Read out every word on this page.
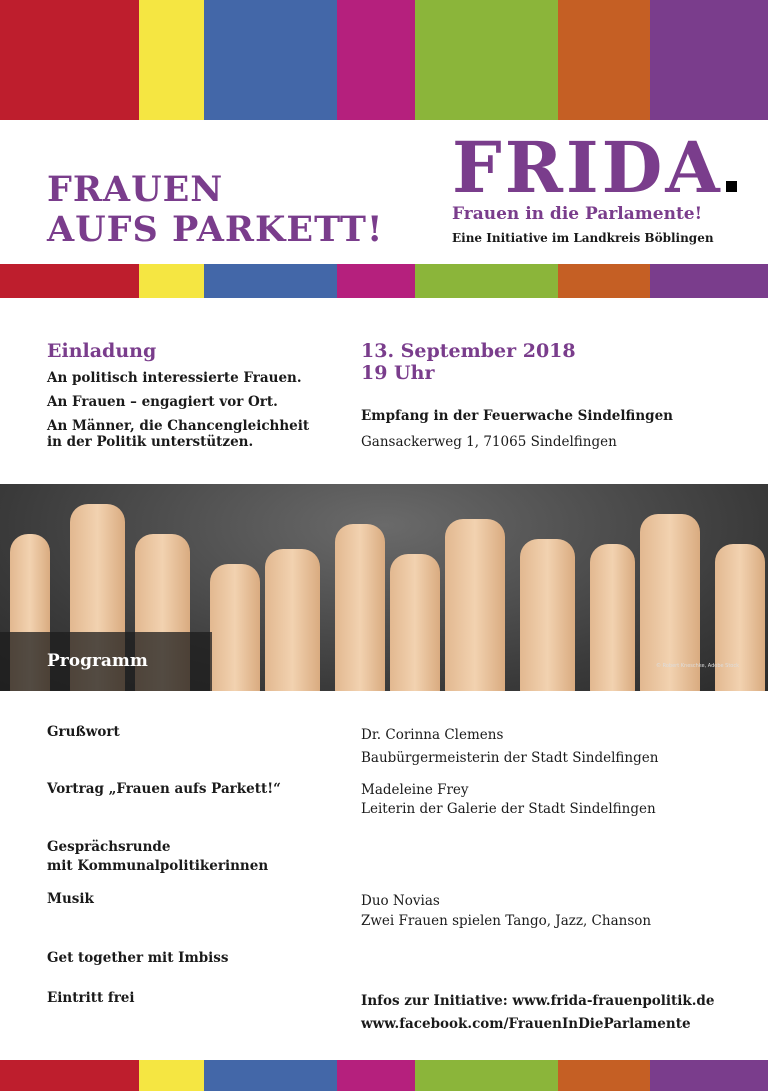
FRAUEN
AUFS PARKETT!
FRIDA
Frauen in die Parlamente!
Eine Initiative im Landkreis Böblingen
Einladung
An politisch interessierte Frauen.
An Frauen – engagiert vor Ort.
An Männer, die Chancengleichheit
in der Politik unterstützen.
13. September 2018
19 Uhr
Empfang in der Feuerwache Sindelfingen
Gansackerweg 1, 71065 Sindelfingen
Programm	© Robert Kneschke, Adobe Stock
Grußwort	Dr. Corinna Clemens
Baubürgermeisterin der Stadt Sindelfingen
Vortrag „Frauen aufs Parkett!“	Madeleine Frey
Leiterin der Galerie der Stadt Sindelfingen
Gesprächsrunde
mit Kommunalpolitikerinnen
Musik	Duo Novias
Zwei Frauen spielen Tango, Jazz, Chanson
Get together mit Imbiss
Eintritt frei	Infos zur Initiative: www.frida-frauenpolitik.de
www.facebook.com/FrauenInDieParlamente
